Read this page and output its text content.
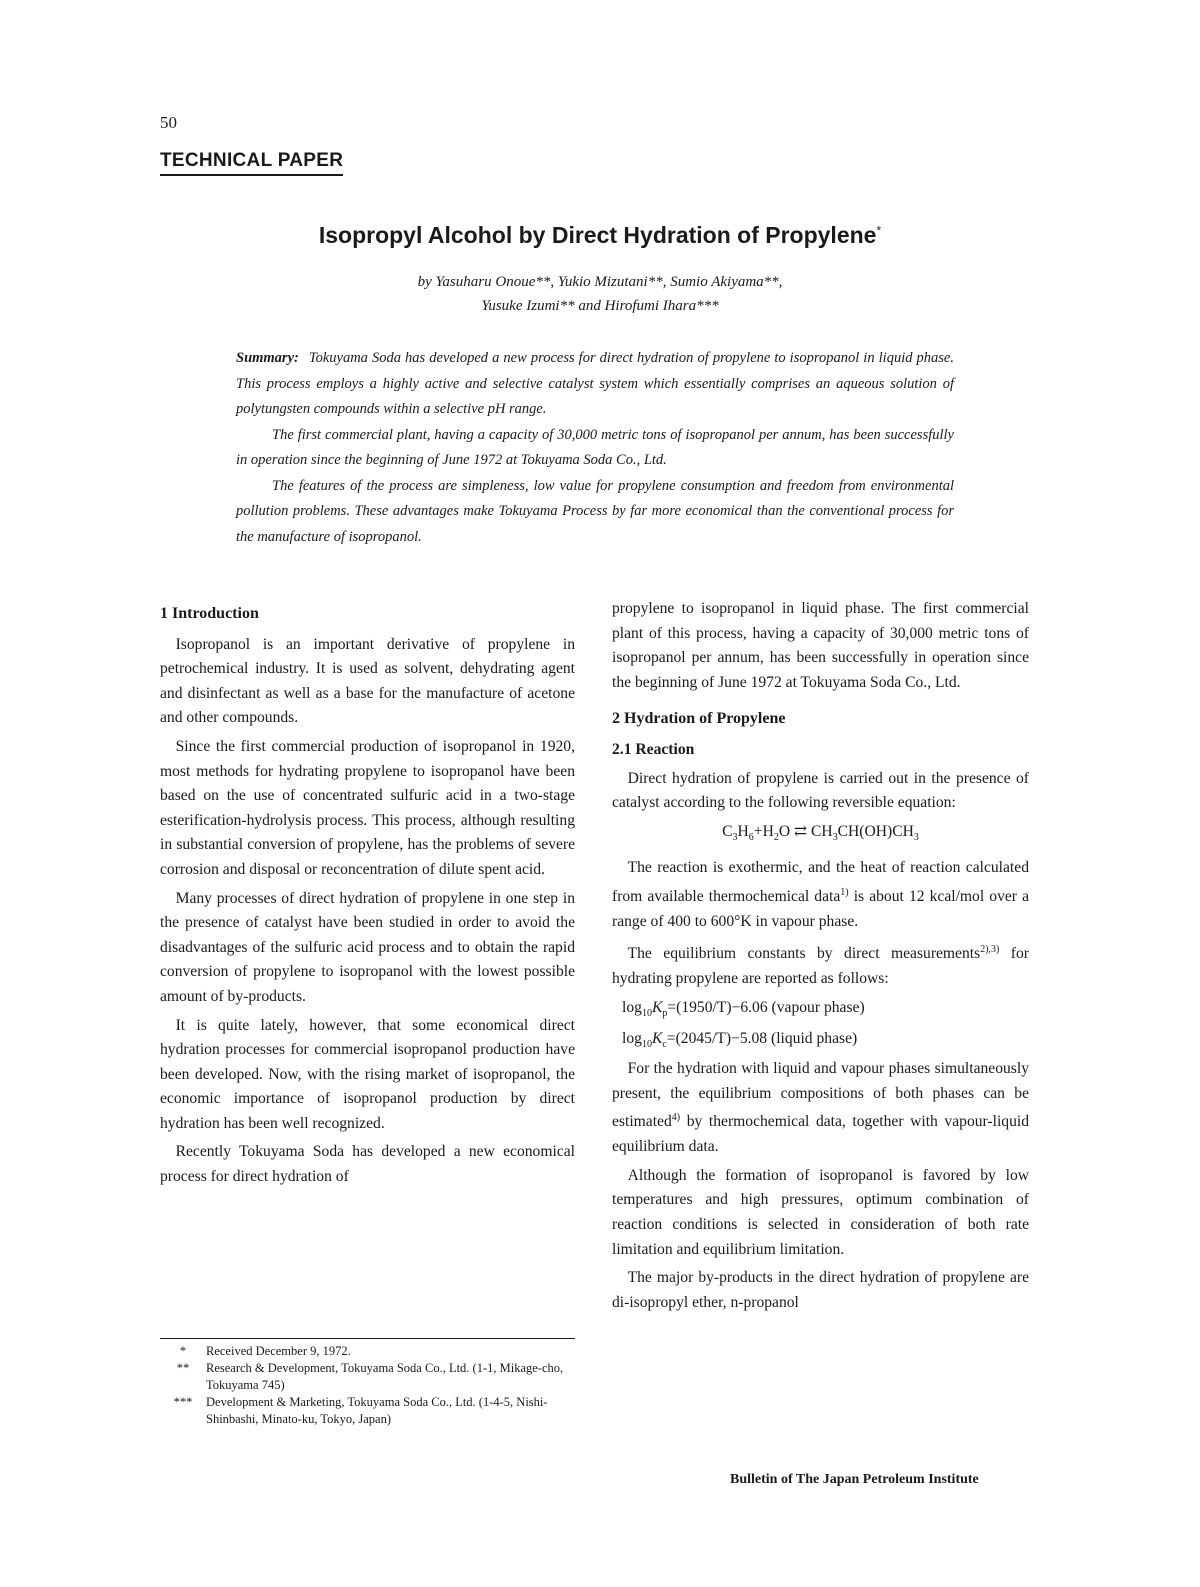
50
TECHNICAL PAPER
Isopropyl Alcohol by Direct Hydration of Propylene*
by Yasuharu Onoue**, Yukio Mizutani**, Sumio Akiyama**,
Yusuke Izumi** and Hirofumi Ihara***

Summary: Tokuyama Soda has developed a new process for direct hydration of propylene to isopropanol in liquid phase. This process employs a highly active and selective catalyst system which essentially comprises an aqueous solution of polytungsten compounds within a selective pH range.

The first commercial plant, having a capacity of 30,000 metric tons of isopropanol per annum, has been successfully in operation since the beginning of June 1972 at Tokuyama Soda Co., Ltd.

The features of the process are simpleness, low value for propylene consumption and freedom from environmental pollution problems. These advantages make Tokuyama Process by far more economical than the conventional process for the manufacture of isopropanol.

1 Introduction

Isopropanol is an important derivative of propylene in petrochemical industry. It is used as solvent, dehydrating agent and disinfectant as well as a base for the manufacture of acetone and other compounds.

Since the first commercial production of isopropanol in 1920, most methods for hydrating propylene to isopropanol have been based on the use of concentrated sulfuric acid in a two-stage esterification-hydrolysis process. This process, although resulting in substantial conversion of propylene, has the problems of severe corrosion and disposal or reconcentration of dilute spent acid.

Many processes of direct hydration of propylene in one step in the presence of catalyst have been studied in order to avoid the disadvantages of the sulfuric acid process and to obtain the rapid conversion of propylene to isopropanol with the lowest possible amount of by-products.

It is quite lately, however, that some economical direct hydration processes for commercial isopropanol production have been developed. Now, with the rising market of isopropanol, the economic importance of isopropanol production by direct hydration has been well recognized.

Recently Tokuyama Soda has developed a new economical process for direct hydration of

*	Received December 9, 1972.
**	Research & Development, Tokuyama Soda Co., Ltd. (1-1, Mikage-cho, Tokuyama 745)
***	Development & Marketing, Tokuyama Soda Co., Ltd. (1-4-5, Nishi-Shinbashi, Minato-ku, Tokyo, Japan)

propylene to isopropanol in liquid phase. The first commercial plant of this process, having a capacity of 30,000 metric tons of isopropanol per annum, has been successfully in operation since the beginning of June 1972 at Tokuyama Soda Co., Ltd.

2 Hydration of Propylene
2.1 Reaction

Direct hydration of propylene is carried out in the presence of catalyst according to the following reversible equation:

$C_3H_6+H_2O$ ⇄ $CH_3CH(OH)CH_3$

The reaction is exothermic, and the heat of reaction calculated from available thermochemical data$^{1)}$ is about 12 kcal/mol over a range of 400 to 600°K in vapour phase.

The equilibrium constants by direct measurements$^{2),3)}$ for hydrating propylene are reported as follows:

$\log_{10}K_p=(1950/T)-6.06$ (vapour phase)

$\log_{10}K_c=(2045/T)-5.08$ (liquid phase)

For the hydration with liquid and vapour phases simultaneously present, the equilibrium compositions of both phases can be estimated$^{4)}$ by thermochemical data, together with vapour-liquid equilibrium data.

Although the formation of isopropanol is favored by low temperatures and high pressures, optimum combination of reaction conditions is selected in consideration of both rate limitation and equilibrium limitation.

The major by-products in the direct hydration of propylene are di-isopropyl ether, n-propanol

Bulletin of The Japan Petroleum Institute
